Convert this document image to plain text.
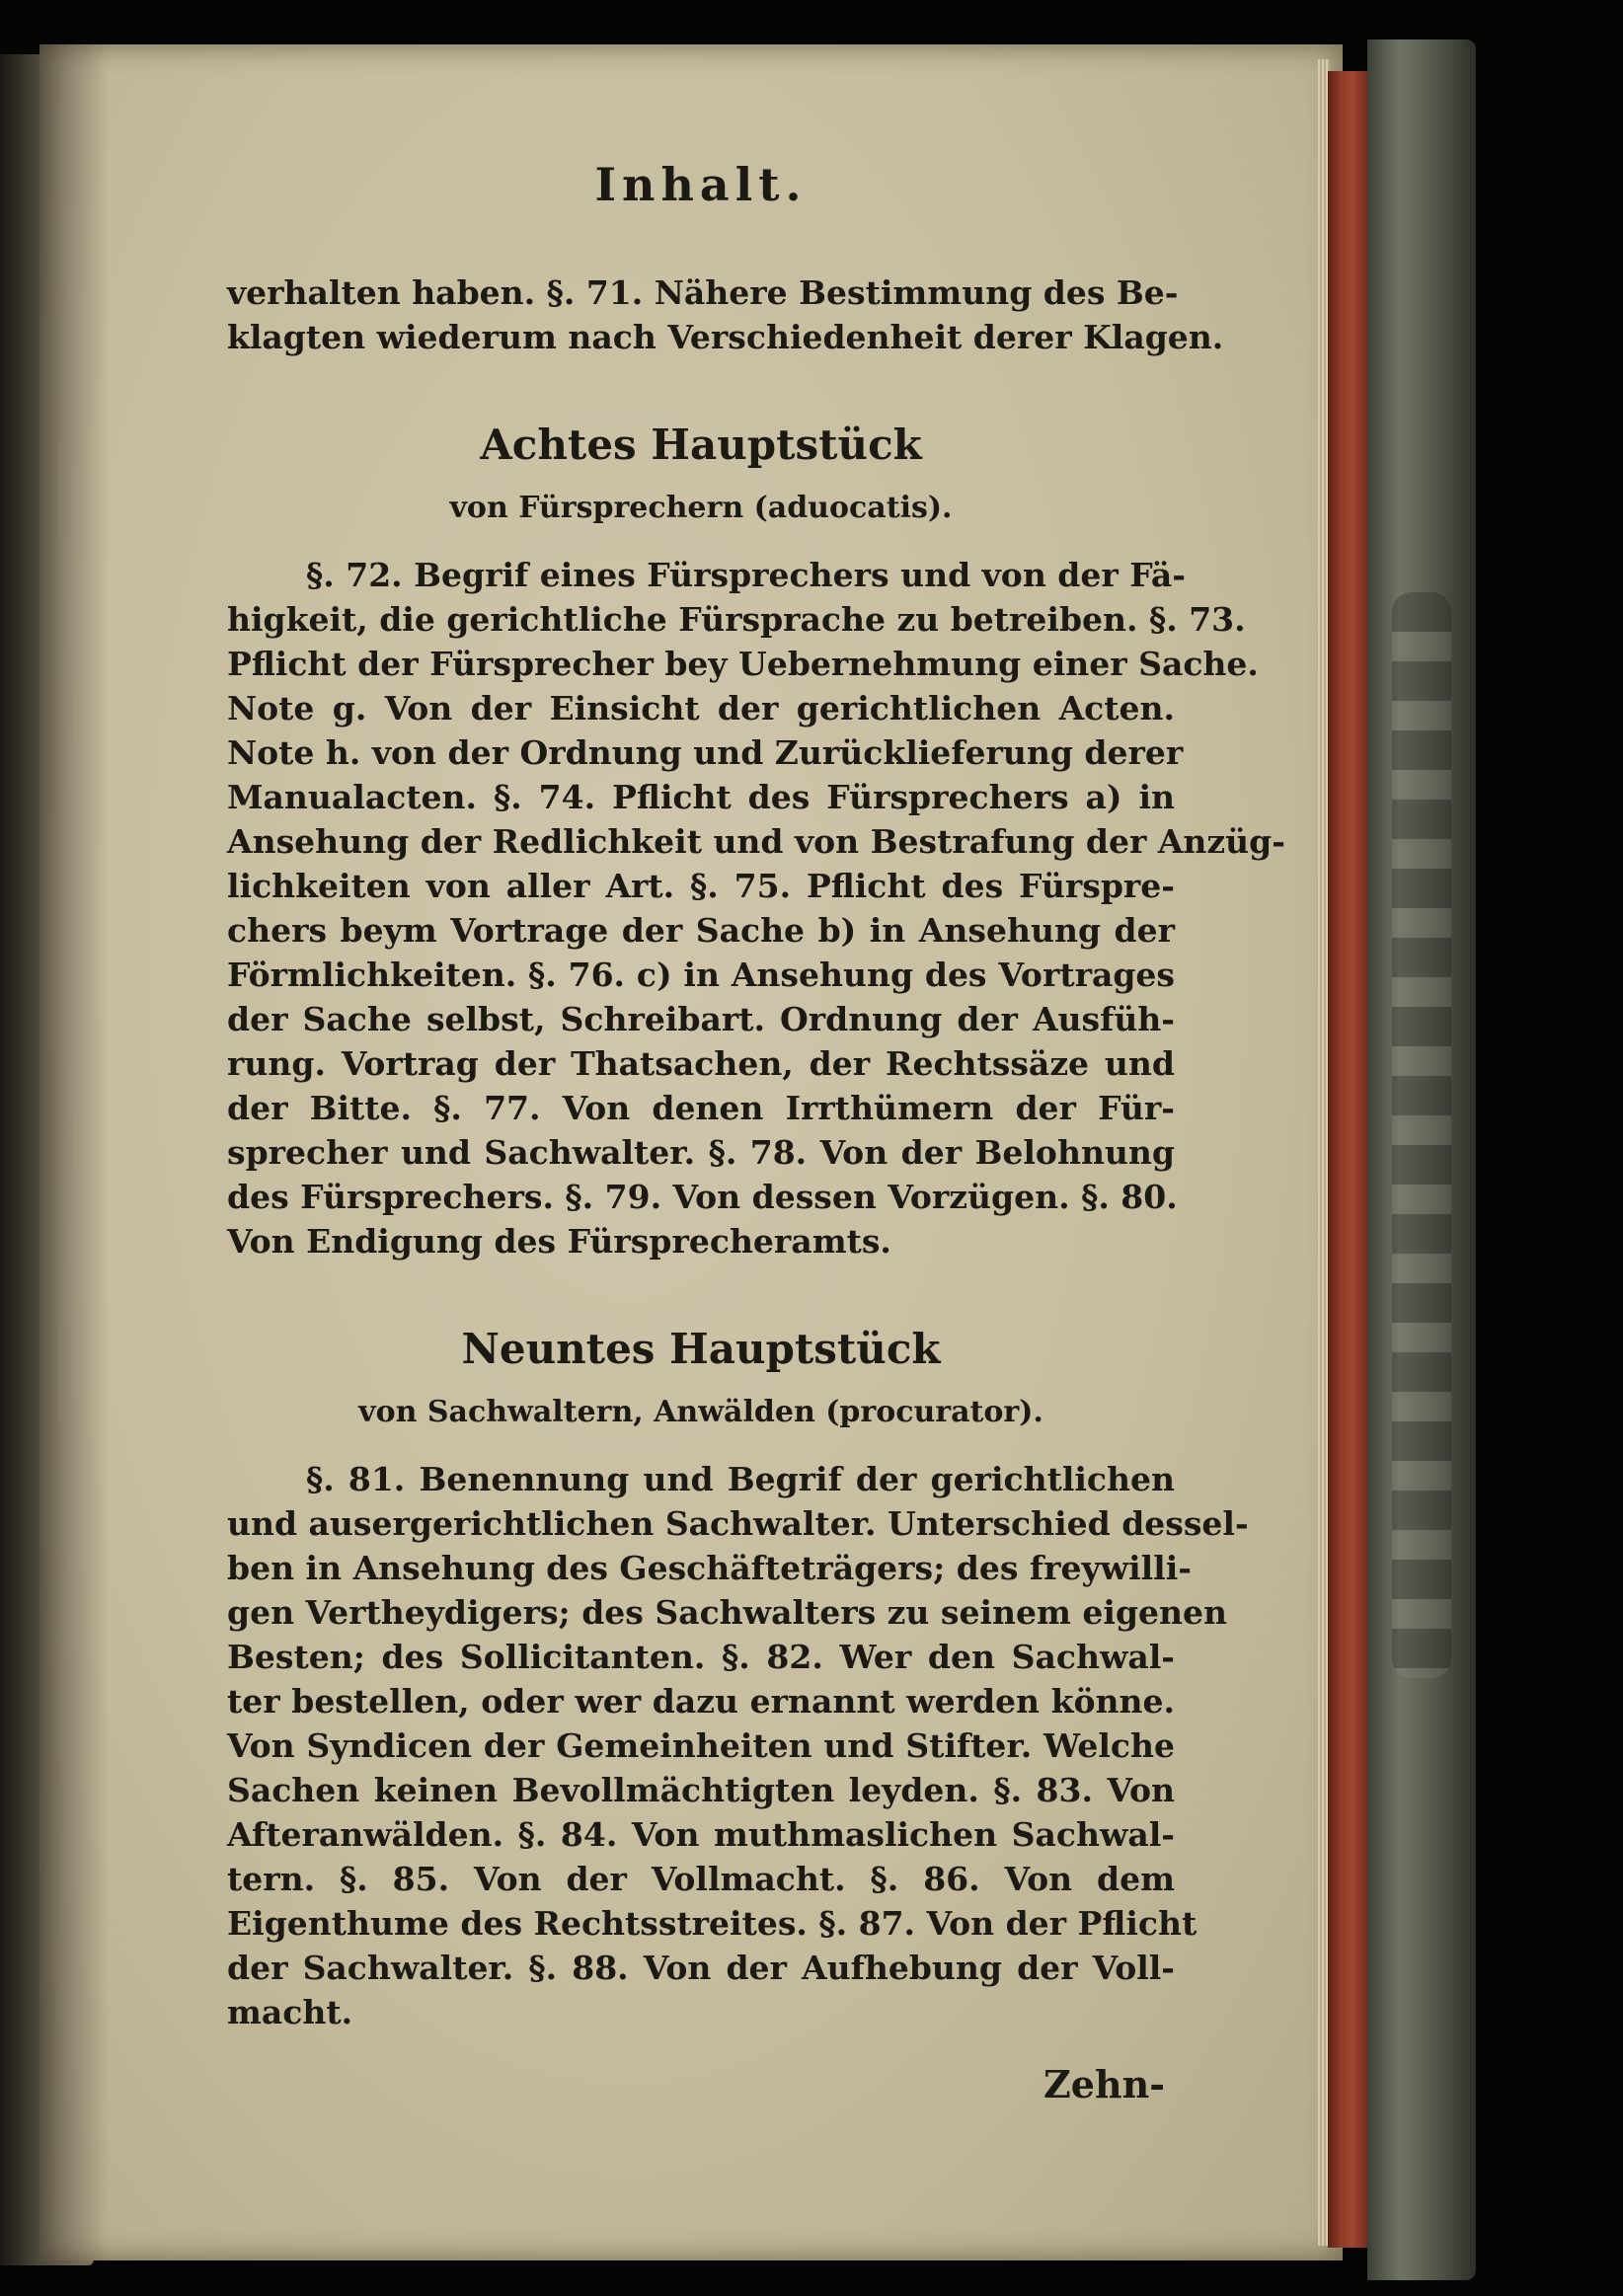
Inhalt.
verhalten haben. §. 71. Nähere Bestimmung des Be-
klagten wiederum nach Verschiedenheit derer Klagen.
Achtes Hauptstück
von Fürsprechern (aduocatis).
§. 72. Begrif eines Fürsprechers und von der Fä-
higkeit, die gerichtliche Fürsprache zu betreiben. §. 73.
Pflicht der Fürsprecher bey Uebernehmung einer Sache.
Note g. Von der Einsicht der gerichtlichen Acten.
Note h. von der Ordnung und Zurücklieferung derer
Manualacten. §. 74. Pflicht des Fürsprechers a) in
Ansehung der Redlichkeit und von Bestrafung der Anzüg-
lichkeiten von aller Art. §. 75. Pflicht des Fürspre-
chers beym Vortrage der Sache b) in Ansehung der
Förmlichkeiten. §. 76. c) in Ansehung des Vortrages
der Sache selbst, Schreibart. Ordnung der Ausfüh-
rung. Vortrag der Thatsachen, der Rechtssäze und
der Bitte. §. 77. Von denen Irrthümern der Für-
sprecher und Sachwalter. §. 78. Von der Belohnung
des Fürsprechers. §. 79. Von dessen Vorzügen. §. 80.
Von Endigung des Fürsprecheramts.
Neuntes Hauptstück
von Sachwaltern, Anwälden (procurator).
§. 81. Benennung und Begrif der gerichtlichen
und ausergerichtlichen Sachwalter. Unterschied dessel-
ben in Ansehung des Geschäfteträgers; des freywilli-
gen Vertheydigers; des Sachwalters zu seinem eigenen
Besten; des Sollicitanten. §. 82. Wer den Sachwal-
ter bestellen, oder wer dazu ernannt werden könne.
Von Syndicen der Gemeinheiten und Stifter. Welche
Sachen keinen Bevollmächtigten leyden. §. 83. Von
Afteranwälden. §. 84. Von muthmaslichen Sachwal-
tern. §. 85. Von der Vollmacht. §. 86. Von dem
Eigenthume des Rechtsstreites. §. 87. Von der Pflicht
der Sachwalter. §. 88. Von der Aufhebung der Voll-
macht.
Zehn-
